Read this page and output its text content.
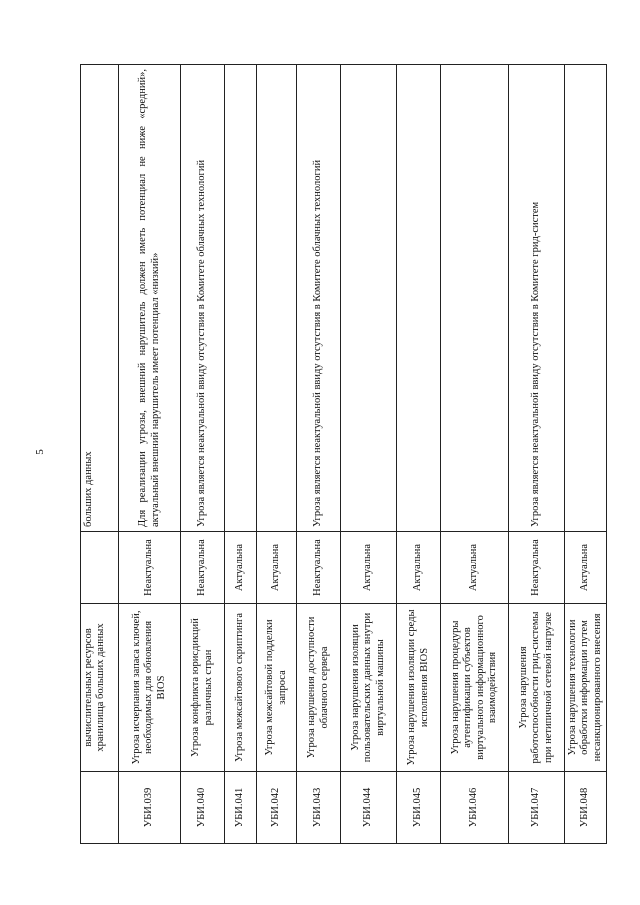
5
	вычислительных ресурсов хранилища больших данных		больших данных
УБИ.039	Угроза исчерпания запаса ключей, необходимых для обновления BIOS	Неактуальна	Для реализации угрозы, внешний нарушитель должен иметь потенциал не ниже «средний», актуальный внешний нарушитель имеет потенциал «низкий»
УБИ.040	Угроза конфликта юрисдикций различных стран	Неактуальна	Угроза является неактуальной ввиду отсутствия в Комитете облачных технологий
УБИ.041	Угроза межсайтового скриптинга	Актуальна	
УБИ.042	Угроза межсайтовой подделки запроса	Актуальна	
УБИ.043	Угроза нарушения доступности облачного сервера	Неактуальна	Угроза является неактуальной ввиду отсутствия в Комитете облачных технологий
УБИ.044	Угроза нарушения изоляции пользовательских данных внутри виртуальной машины	Актуальна	
УБИ.045	Угроза нарушения изоляции среды исполнения BIOS	Актуальна	
УБИ.046	Угроза нарушения процедуры аутентификации субъектов виртуального информационного взаимодействия	Актуальна	
УБИ.047	Угроза нарушения работоспособности грид-системы при нетипичной сетевой нагрузке	Неактуальна	Угроза является неактуальной ввиду отсутствия в Комитете грид-систем
УБИ.048	Угроза нарушения технологии обработки информации путем несанкционированного внесения	Актуальна	
